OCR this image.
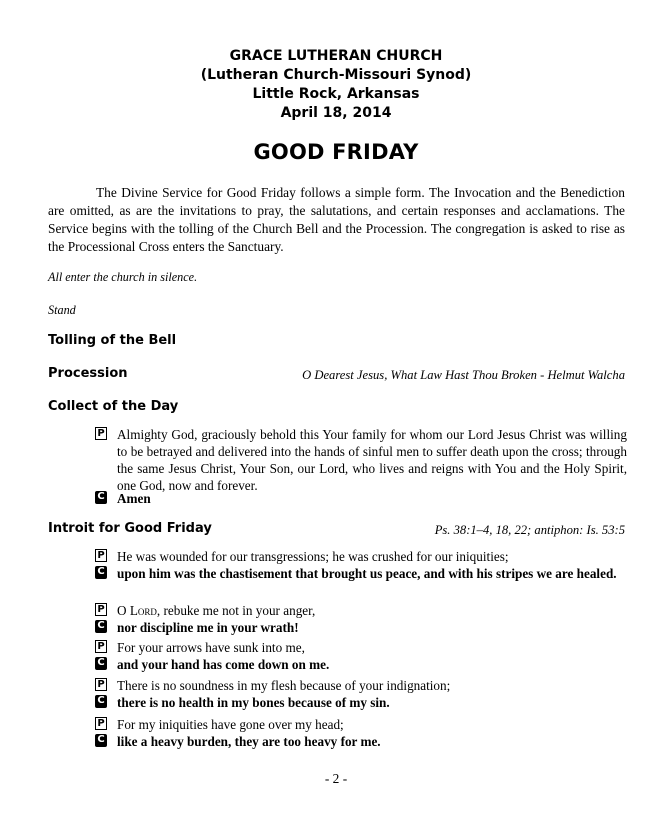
GRACE LUTHERAN CHURCH
(Lutheran Church-Missouri Synod)
Little Rock, Arkansas
April 18, 2014
GOOD FRIDAY
The Divine Service for Good Friday follows a simple form. The Invocation and the Benediction are omitted, as are the invitations to pray, the salutations, and certain responses and acclamations. The Service begins with the tolling of the Church Bell and the Procession. The congregation is asked to rise as the Processional Cross enters the Sanctuary.
All enter the church in silence.
Stand
Tolling of the Bell
Procession	O Dearest Jesus, What Law Hast Thou Broken - Helmut Walcha
Collect of the Day
P Almighty God, graciously behold this Your family for whom our Lord Jesus Christ was willing to be betrayed and delivered into the hands of sinful men to suffer death upon the cross; through the same Jesus Christ, Your Son, our Lord, who lives and reigns with You and the Holy Spirit, one God, now and forever.
C Amen
Introit for Good Friday	Ps. 38:1–4, 18, 22; antiphon: Is. 53:5
P He was wounded for our transgressions; he was crushed for our iniquities;
C upon him was the chastisement that brought us peace, and with his stripes we are healed.
P O Lord, rebuke me not in your anger,
C nor discipline me in your wrath!
P For your arrows have sunk into me,
C and your hand has come down on me.
P There is no soundness in my flesh because of your indignation;
C there is no health in my bones because of my sin.
P For my iniquities have gone over my head;
C like a heavy burden, they are too heavy for me.
- 2 -
